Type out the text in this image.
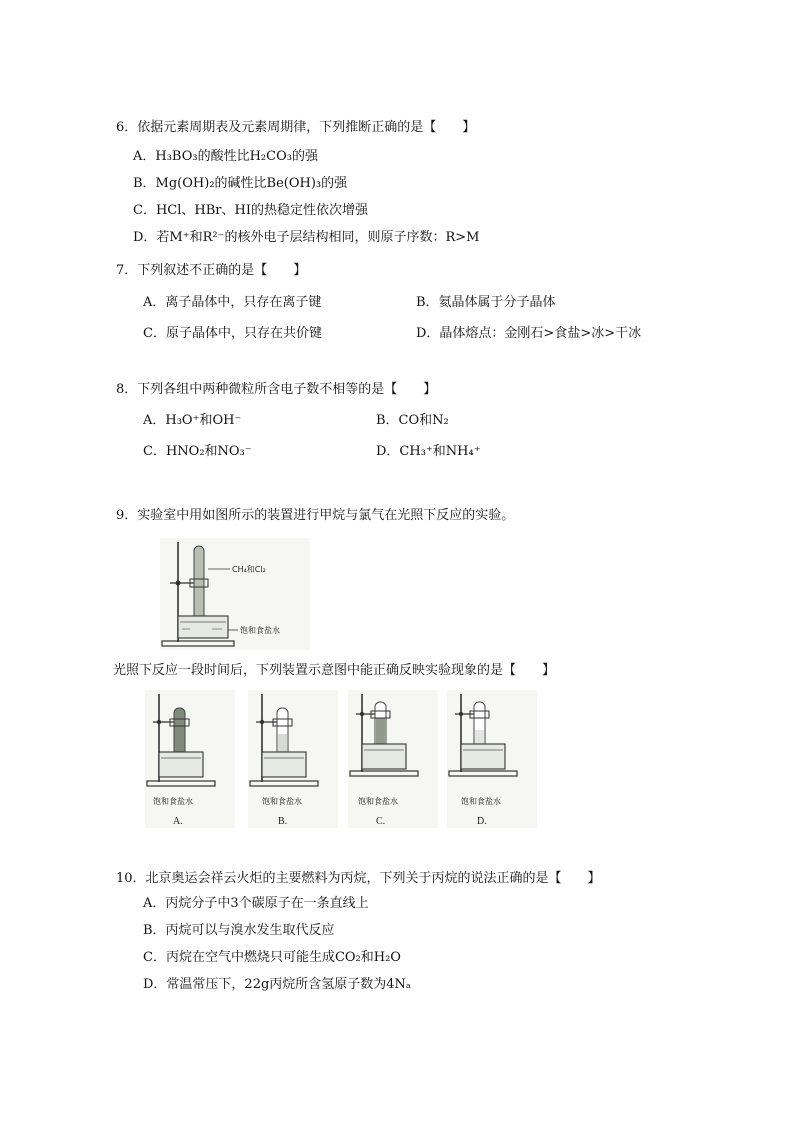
6．依据元素周期表及元素周期律，下列推断正确的是【　　】
A．H₃BO₃的酸性比H₂CO₃的强
B．Mg(OH)₂的碱性比Be(OH)₃的强
C．HCl、HBr、HI的热稳定性依次增强
D．若M⁺和R²⁻的核外电子层结构相同，则原子序数：R>M
7．下列叙述不正确的是【　　】
A．离子晶体中，只存在离子键	B．氦晶体属于分子晶体
C．原子晶体中，只存在共价键	D．晶体熔点：金刚石>食盐>冰>干冰
8．下列各组中两种微粒所含电子数不相等的是【　　】
A．H₃O⁺和OH⁻	B．CO和N₂
C．HNO₂和NO₃⁻	D．CH₃⁺和NH₄⁺
9．实验室中用如图所示的装置进行甲烷与氯气在光照下反应的实验。
CH₄和Cl₂
饱和食盐水
光照下反应一段时间后，下列装置示意图中能正确反映实验现象的是【　　】
饱和食盐水
A.
饱和食盐水
B.
饱和食盐水
C.
饱和食盐水
D.
10．北京奥运会祥云火炬的主要燃料为丙烷，下列关于丙烷的说法正确的是【　　】
A．丙烷分子中3个碳原子在一条直线上
B．丙烷可以与溴水发生取代反应
C．丙烷在空气中燃烧只可能生成CO₂和H₂O
D．常温常压下，22g丙烷所含氢原子数为4Nₐ
